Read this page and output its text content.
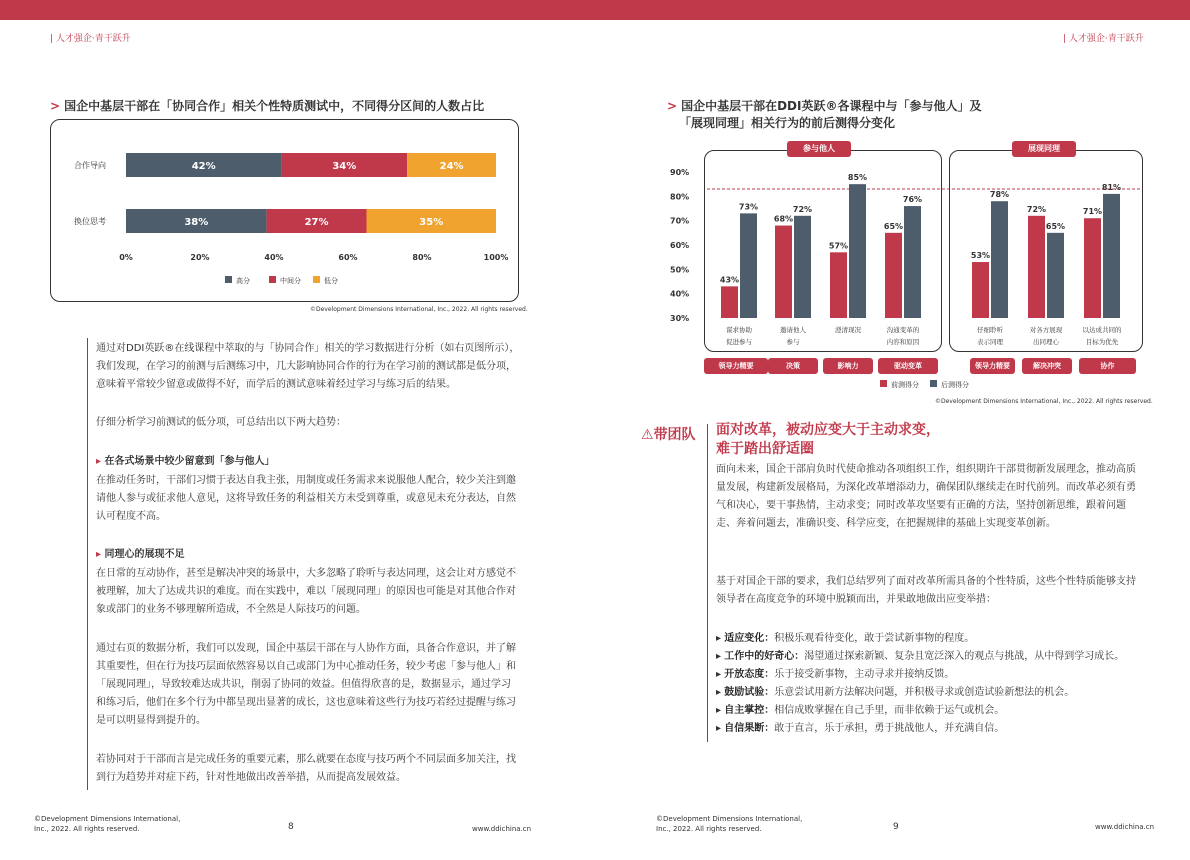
| 人才强企·青干跃升	| 人才强企·青干跃升
> 国企中基层干部在「协同合作」相关个性特质测试中，不同得分区间的人数占比
合作导向	42%	34%	24%
换位思考	38%	27%	35%
0%	20%	40%	60%	80%	100%
高分	中间分	低分
©Development Dimensions International, Inc., 2022. All rights reserved.
通过对DDI英跃®在线课程中萃取的与「协同合作」相关的学习数据进行分析（如右页图所示），我们发现，在学习的前测与后测练习中，几大影响协同合作的行为在学习前的测试都是低分项，意味着平常较少留意或做得不好，而学后的测试意味着经过学习与练习后的结果。
仔细分析学习前测试的低分项，可总结出以下两大趋势：
▸ 在各式场景中较少留意到「参与他人」
在推动任务时，干部们习惯于表达自我主张，用制度或任务需求来说服他人配合，较少关注到邀请他人参与或征求他人意见，这将导致任务的利益相关方未受到尊重，或意见未充分表达，自然认可程度不高。
▸ 同理心的展现不足
在日常的互动协作，甚至是解决冲突的场景中，大多忽略了聆听与表达同理，这会让对方感觉不被理解，加大了达成共识的难度。而在实践中，难以「展现同理」的原因也可能是对其他合作对象或部门的业务不够理解所造成，不全然是人际技巧的问题。
通过右页的数据分析，我们可以发现，国企中基层干部在与人协作方面，具备合作意识，并了解其重要性，但在行为技巧层面依然容易以自己或部门为中心推动任务，较少考虑「参与他人」和「展现同理」，导致较难达成共识，削弱了协同的效益。但值得欣喜的是，数据显示，通过学习和练习后，他们在多个行为中都呈现出显著的成长，这也意味着这些行为技巧若经过提醒与练习是可以明显得到提升的。
若协同对于干部而言是完成任务的重要元素，那么就要在态度与技巧两个不同层面多加关注，找到行为趋势并对症下药，针对性地做出改善举措，从而提高发展效益。
> 国企中基层干部在DDI英跃®各课程中与「参与他人」及
「展现同理」相关行为的前后测得分变化
参与他人	展现同理
30%
40%
50%
60%
70%
80%
90%
43%
73%
谋求协助
促进参与
68%
72%
邀请他人
参与
57%
85%
澄清现况
65%
76%
沟通变革的
内容和原因
53%
78%
仔细聆听
表示同理
72%
65%
对各方展现
出同理心
71%
81%
以达成共同的
目标为优先
前测得分	后测得分
领导力精要	决策	影响力	驱动变革	领导力精要	解决冲突	协作
©Development Dimensions International, Inc., 2022. All rights reserved.
⚠带团队 面对改革，被动应变大于主动求变，
难于踏出舒适圈
面向未来，国企干部肩负时代使命推动各项组织工作，组织期许干部贯彻新发展理念，推动高质量发展，构建新发展格局，为深化改革增添动力，确保团队继续走在时代前列。而改革必须有勇气和决心，要干事热情，主动求变；同时改革攻坚要有正确的方法，坚持创新思维，跟着问题走、奔着问题去，准确识变、科学应变，在把握规律的基础上实现变革创新。
基于对国企干部的要求，我们总结罗列了面对改革所需具备的个性特质，这些个性特质能够支持领导者在高度竞争的环境中脱颖而出，并果敢地做出应变举措：
▸ 适应变化：积极乐观看待变化，敢于尝试新事物的程度。
▸ 工作中的好奇心：渴望通过探索新颖、复杂且宽泛深入的观点与挑战，从中得到学习成长。
▸ 开放态度：乐于接受新事物，主动寻求并接纳反馈。
▸ 鼓励试验：乐意尝试用新方法解决问题，并积极寻求或创造试验新想法的机会。
▸ 自主掌控：相信成败掌握在自己手里，而非依赖于运气或机会。
▸ 自信果断：敢于直言，乐于承担，勇于挑战他人，并充满自信。
©Development Dimensions International,
Inc., 2022. All rights reserved.	8	www.ddichina.cn
©Development Dimensions International,
Inc., 2022. All rights reserved.	9	www.ddichina.cn
